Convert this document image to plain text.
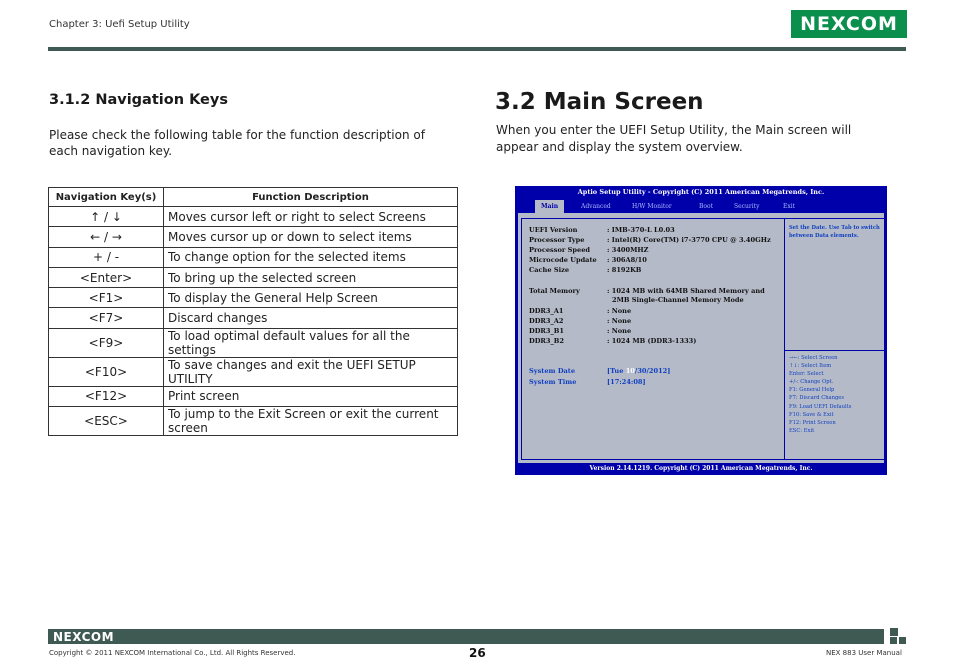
Chapter 3: Uefi Setup Utility	NEXCOM
3.1.2 Navigation Keys
Please check the following table for the function description of each navigation key.
Navigation Key(s)	Function Description
↑ / ↓	Moves cursor left or right to select Screens
← / →	Moves cursor up or down to select items
+ / -	To change option for the selected items
<Enter>	To bring up the selected screen
<F1>	To display the General Help Screen
<F7>	Discard changes
<F9>	To load optimal default values for all the settings
<F10>	To save changes and exit the UEFI SETUP UTILITY
<F12>	Print screen
<ESC>	To jump to the Exit Screen or exit the current screen
3.2 Main Screen
When you enter the UEFI Setup Utility, the Main screen will appear and display the system overview.
Aptio Setup Utility - Copyright (C) 2011 American Megatrends, Inc.
Main	Advanced	H/W Monitor	Boot	Security	Exit
UEFI Version	: IMB-370-L L0.03
Processor Type	: Intel(R) Core(TM) i7-3770 CPU @ 3.40GHz
Processor Speed	: 3400MHZ
Microcode Update : 306A8/10
Cache Size	: 8192KB
Total Memory	: 1024 MB with 64MB Shared Memory and
2MB Single-Channel Memory Mode
DDR3_A1	: None
DDR3_A2	: None
DDR3_B1	: None
DDR3_B2	: 1024 MB (DDR3-1333)
System Date	[Tue 10/30/2012]
System Time	[17:24:08]
Set the Date. Use Tab to switch between Data elements.
→←: Select Screen
↑↓: Select Item
Enter: Select
+/-: Change Opt.
F1: General Help
F7: Discard Changes
F9: Load UEFI Defaults
F10: Save & Exit
F12: Print Screen
ESC: Exit
Version 2.14.1219. Copyright (C) 2011 American Megatrends, Inc.
NEXCOM
Copyright © 2011 NEXCOM International Co., Ltd. All Rights Reserved.	26	NEX 883 User Manual
